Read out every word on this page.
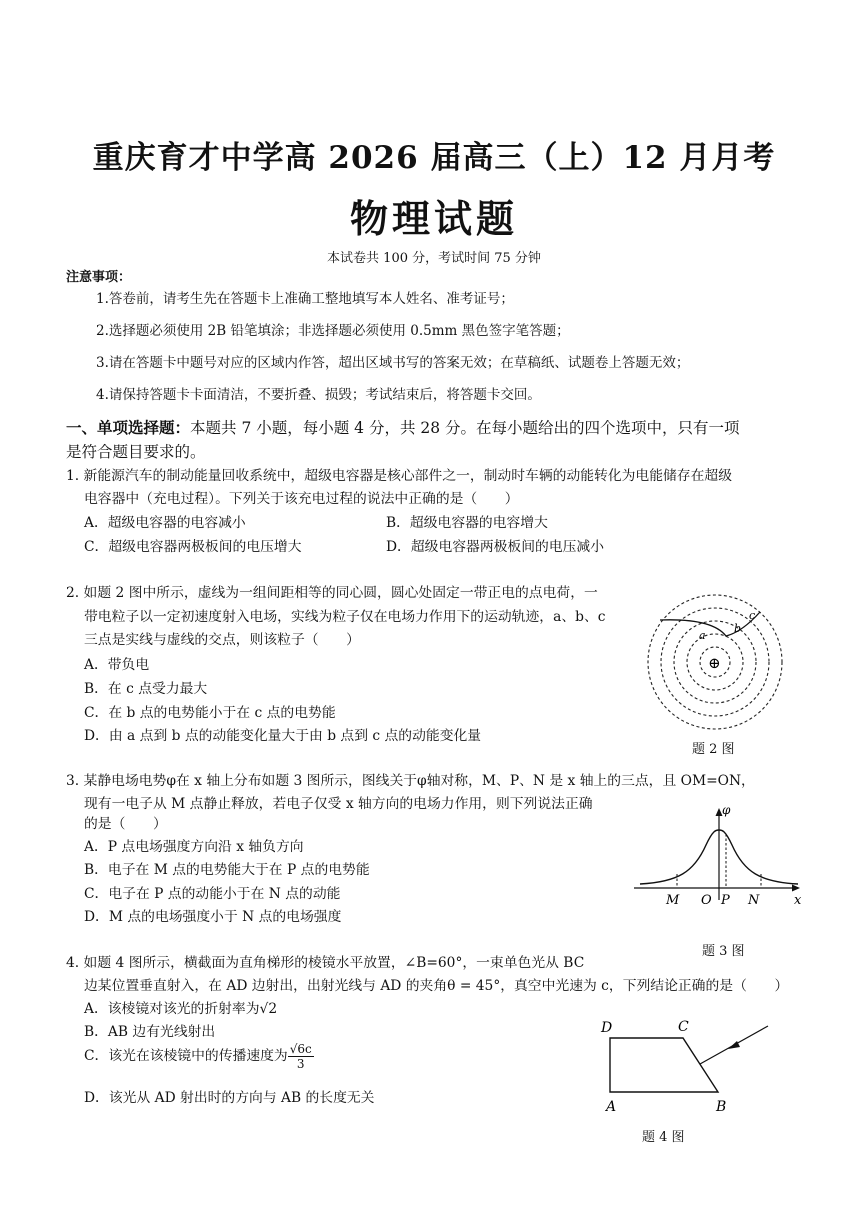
重庆育才中学高 2026 届高三（上）12 月月考
物理试题
本试卷共 100 分，考试时间 75 分钟
注意事项：
1.答卷前，请考生先在答题卡上准确工整地填写本人姓名、准考证号；
2.选择题必须使用 2B 铅笔填涂；非选择题必须使用 0.5mm 黑色签字笔答题；
3.请在答题卡中题号对应的区域内作答，超出区域书写的答案无效；在草稿纸、试题卷上答题无效；
4.请保持答题卡卡面清洁，不要折叠、损毁；考试结束后，将答题卡交回。
一、单项选择题：本题共 7 小题，每小题 4 分，共 28 分。在每小题给出的四个选项中，只有一项
是符合题目要求的。
1. 新能源汽车的制动能量回收系统中，超级电容器是核心部件之一，制动时车辆的动能转化为电能储存在超级
电容器中（充电过程）。下列关于该充电过程的说法中正确的是（　　）
A．超级电容器的电容减小	B．超级电容器的电容增大
C．超级电容器两极板间的电压增大	D．超级电容器两极板间的电压减小
2. 如题 2 图中所示，虚线为一组间距相等的同心圆，圆心处固定一带正电的点电荷，一
带电粒子以一定初速度射入电场，实线为粒子仅在电场力作用下的运动轨迹，a、b、c
三点是实线与虚线的交点，则该粒子（　　）
A．带负电
B．在 c 点受力最大
C．在 b 点的电势能小于在 c 点的电势能
D．由 a 点到 b 点的动能变化量大于由 b 点到 c 点的动能变化量
a
b
c
⊕
题 2 图
3. 某静电场电势φ在 x 轴上分布如题 3 图所示，图线关于φ轴对称，M、P、N 是 x 轴上的三点，且 OM=ON，
现有一电子从 M 点静止释放，若电子仅受 x 轴方向的电场力作用，则下列说法正确
的是（　　）
A．P 点电场强度方向沿 x 轴负方向
B．电子在 M 点的电势能大于在 P 点的电势能
C．电子在 P 点的动能小于在 N 点的动能
D．M 点的电场强度小于 N 点的电场强度
φ
x
M O P N
题 3 图
4. 如题 4 图所示，横截面为直角梯形的棱镜水平放置，∠B=60°，一束单色光从 BC
边某位置垂直射入，在 AD 边射出，出射光线与 AD 的夹角θ = 45°，真空中光速为 c，下列结论正确的是（　　）
A．该棱镜对该光的折射率为√2
B．AB 边有光线射出
C．该光在该棱镜中的传播速度为 $\frac{√6c}{3}$
D．该光从 AD 射出时的方向与 AB 的长度无关
D	C
A	B
题 4 图
